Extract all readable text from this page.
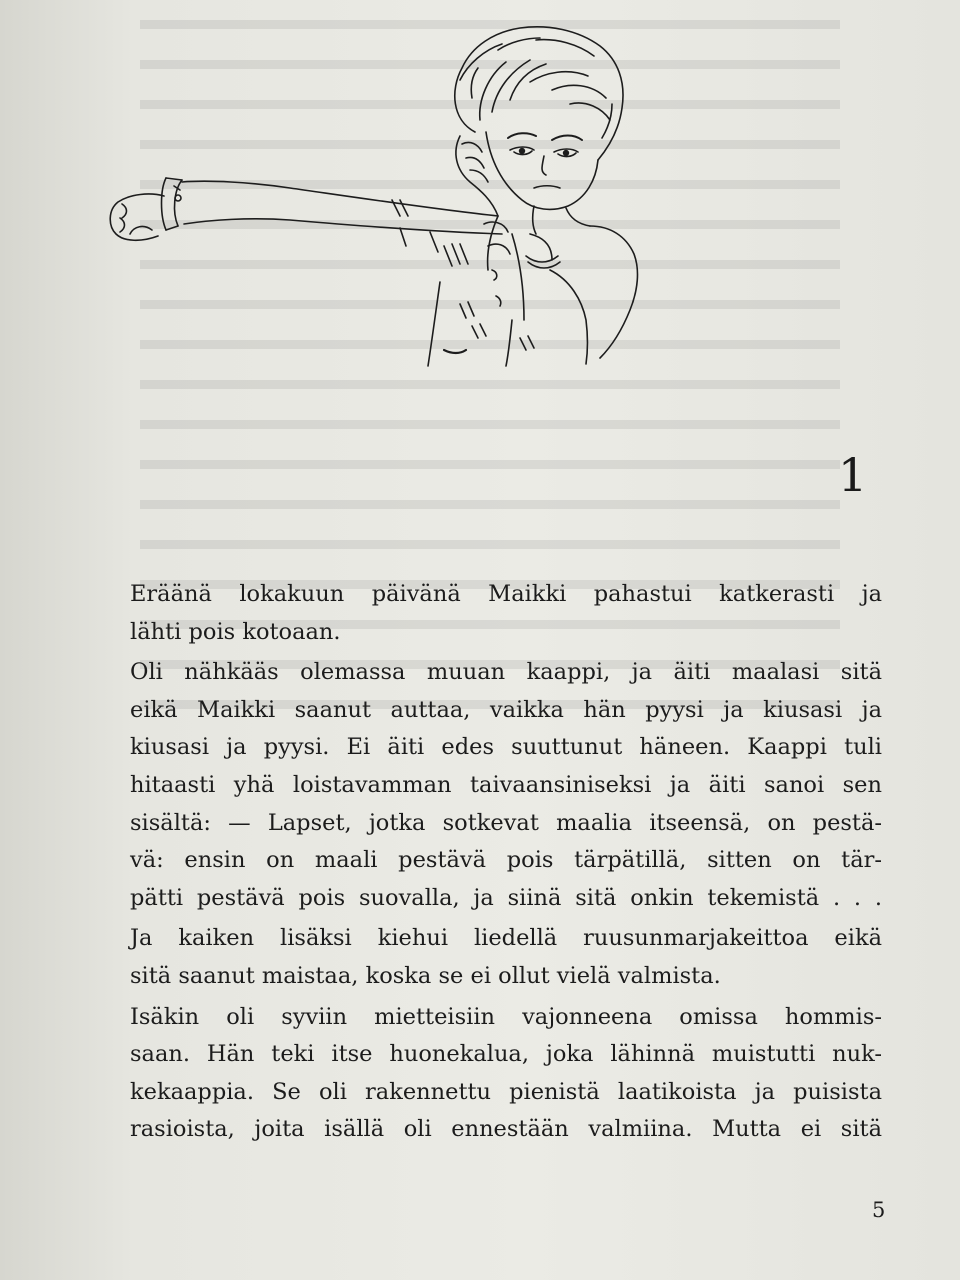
1
Eräänä lokakuun päivänä Maikki pahastui katkerasti ja
lähti pois kotoaan.
Oli nähkääs olemassa muuan kaappi, ja äiti maalasi sitä
eikä Maikki saanut auttaa, vaikka hän pyysi ja kiusasi ja
kiusasi ja pyysi. Ei äiti edes suuttunut häneen. Kaappi tuli
hitaasti yhä loistavamman taivaansiniseksi ja äiti sanoi sen
sisältä: — Lapset, jotka sotkevat maalia itseensä, on pestä-
vä: ensin on maali pestävä pois tärpätillä, sitten on tär-
pätti pestävä pois suovalla, ja siinä sitä onkin tekemistä . . .
Ja kaiken lisäksi kiehui liedellä ruusunmarjakeittoa eikä
sitä saanut maistaa, koska se ei ollut vielä valmista.
Isäkin oli syviin mietteisiin vajonneena omissa hommis-
saan. Hän teki itse huonekalua, joka lähinnä muistutti nuk-
kekaappia. Se oli rakennettu pienistä laatikoista ja puisista
rasioista, joita isällä oli ennestään valmiina. Mutta ei sitä
5
